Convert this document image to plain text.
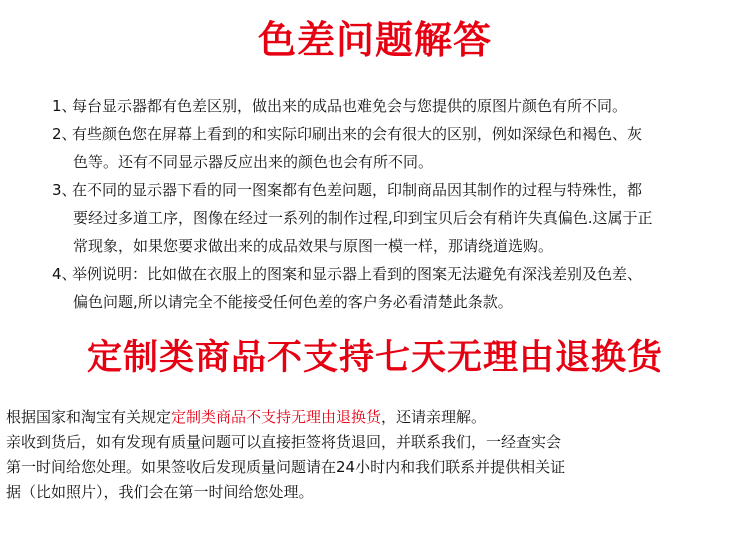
色差问题解答
1、
每台显示器都有色差区别，做出来的成品也难免会与您提供的原图片颜色有所不同。
2、
有些颜色您在屏幕上看到的和实际印刷出来的会有很大的区别，例如深绿色和褐色、灰
色等。还有不同显示器反应出来的颜色也会有所不同。
3、
在不同的显示器下看的同一图案都有色差问题，印制商品因其制作的过程与特殊性，都
要经过多道工序，图像在经过一系列的制作过程,印到宝贝后会有稍许失真偏色.这属于正
常现象，如果您要求做出来的成品效果与原图一模一样，那请绕道选购。
4、
举例说明：比如做在衣服上的图案和显示器上看到的图案无法避免有深浅差别及色差、
偏色问题,所以请完全不能接受任何色差的客户务必看清楚此条款。
定制类商品不支持七天无理由退换货
根据国家和淘宝有关规定定制类商品不支持无理由退换货，还请亲理解。
亲收到货后，如有发现有质量问题可以直接拒签将货退回，并联系我们，一经查实会
第一时间给您处理。如果签收后发现质量问题请在24小时内和我们联系并提供相关证
据（比如照片），我们会在第一时间给您处理。
